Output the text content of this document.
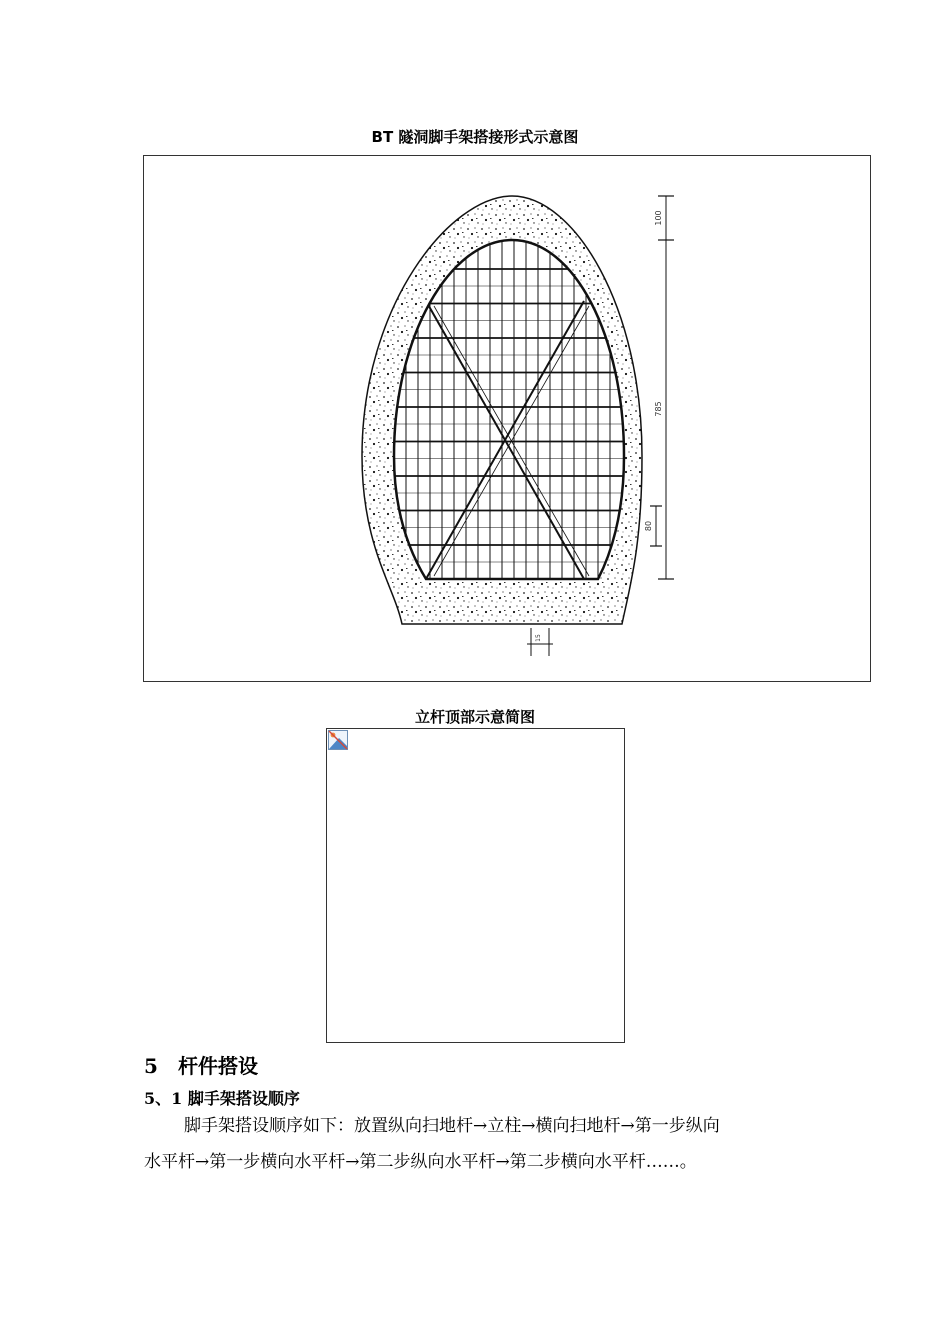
BT 隧洞脚手架搭接形式示意图
100
785
80
15
立杆顶部示意简图
5 杆件搭设
5、1 脚手架搭设顺序
脚手架搭设顺序如下：放置纵向扫地杆→立柱→横向扫地杆→第一步纵向
水平杆→第一步横向水平杆→第二步纵向水平杆→第二步横向水平杆……。
